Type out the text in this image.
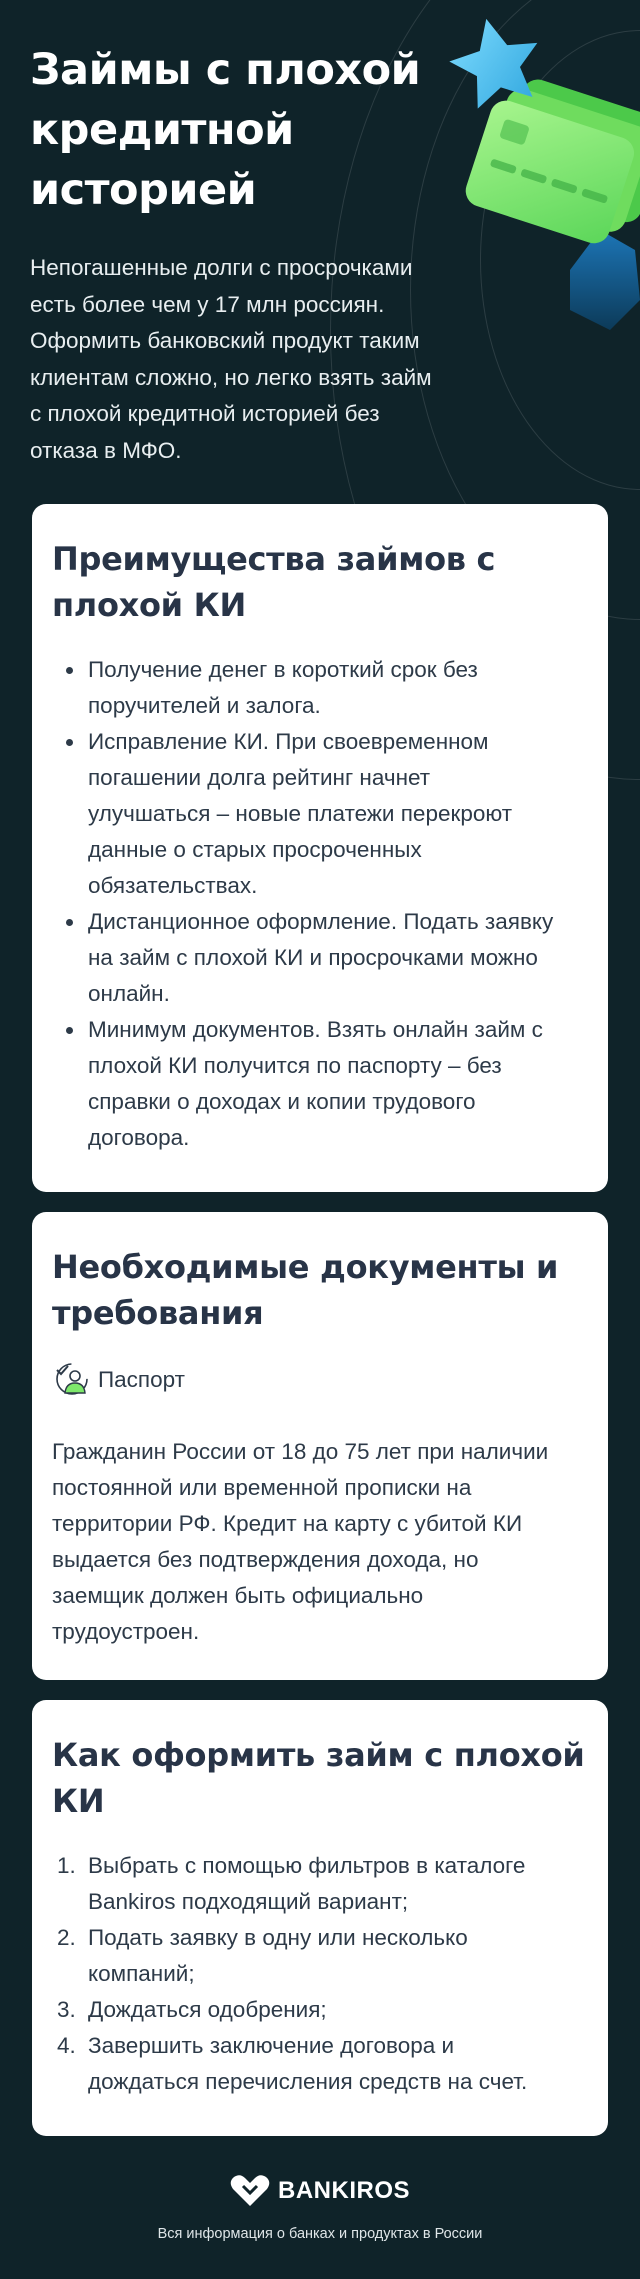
Займы с плохой
кредитной
историей
Непогашенные долги с просрочками
есть более чем у 17 млн россиян.
Оформить банковский продукт таким
клиентам сложно, но легко взять займ
с плохой кредитной историей без
отказа в МФО.
Преимущества займов с
плохой КИ
Получение денег в короткий срок без
поручителей и залога.
Исправление КИ. При своевременном
погашении долга рейтинг начнет
улучшаться – новые платежи перекроют
данные о старых просроченных
обязательствах.
Дистанционное оформление. Подать заявку
на займ с плохой КИ и просрочками можно
онлайн.
Минимум документов. Взять онлайн займ с
плохой КИ получится по паспорту – без
справки о доходах и копии трудового
договора.
Необходимые документы и
требования
Паспорт
Гражданин России от 18 до 75 лет при наличии
постоянной или временной прописки на
территории РФ. Кредит на карту с убитой КИ
выдается без подтверждения дохода, но
заемщик должен быть официально
трудоустроен.
Как оформить займ с плохой
КИ
1. Выбрать с помощью фильтров в каталоге
Bankiros подходящий вариант;
2. Подать заявку в одну или несколько
компаний;
3. Дождаться одобрения;
4. Завершить заключение договора и
дождаться перечисления средств на счет.
BANKIROS
Вся информация о банках и продуктах в России
